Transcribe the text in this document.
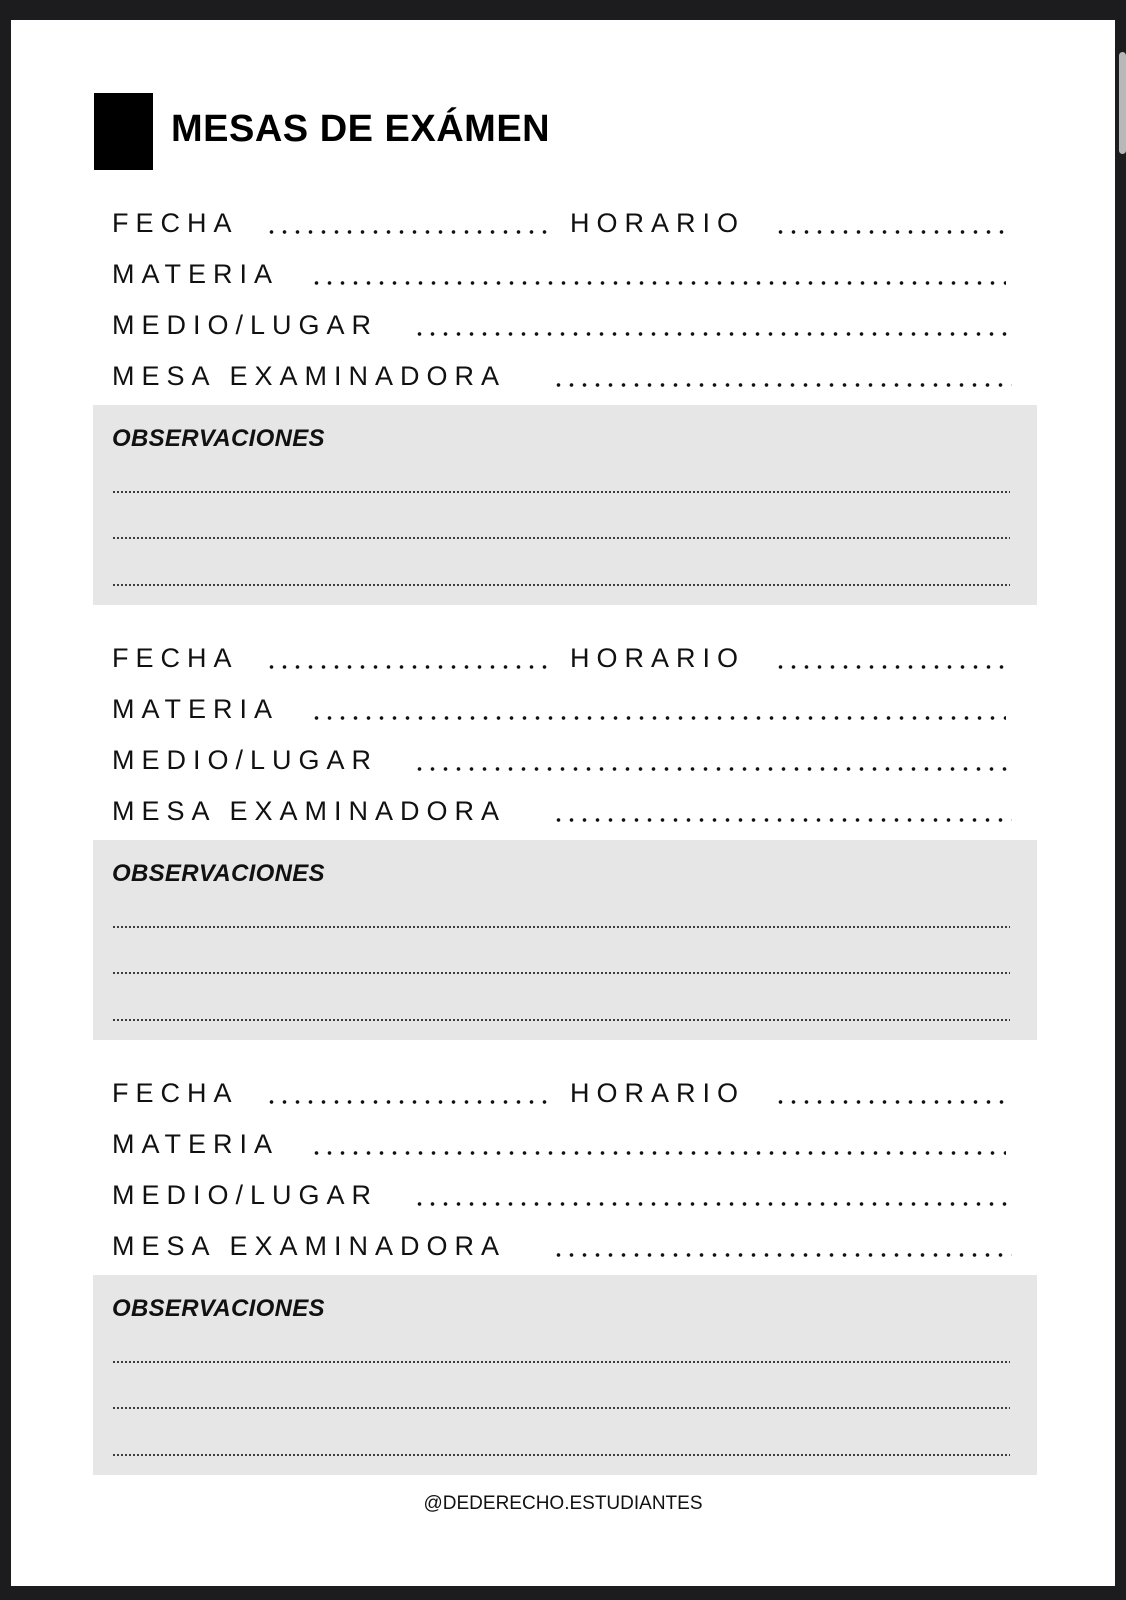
MESAS DE EXÁMEN
FECHA	HORARIO
MATERIA
MEDIO/LUGAR
MESA EXAMINADORA
OBSERVACIONES
FECHA	HORARIO
MATERIA
MEDIO/LUGAR
MESA EXAMINADORA
OBSERVACIONES
FECHA	HORARIO
MATERIA
MEDIO/LUGAR
MESA EXAMINADORA
OBSERVACIONES
@DEDERECHO.ESTUDIANTES
